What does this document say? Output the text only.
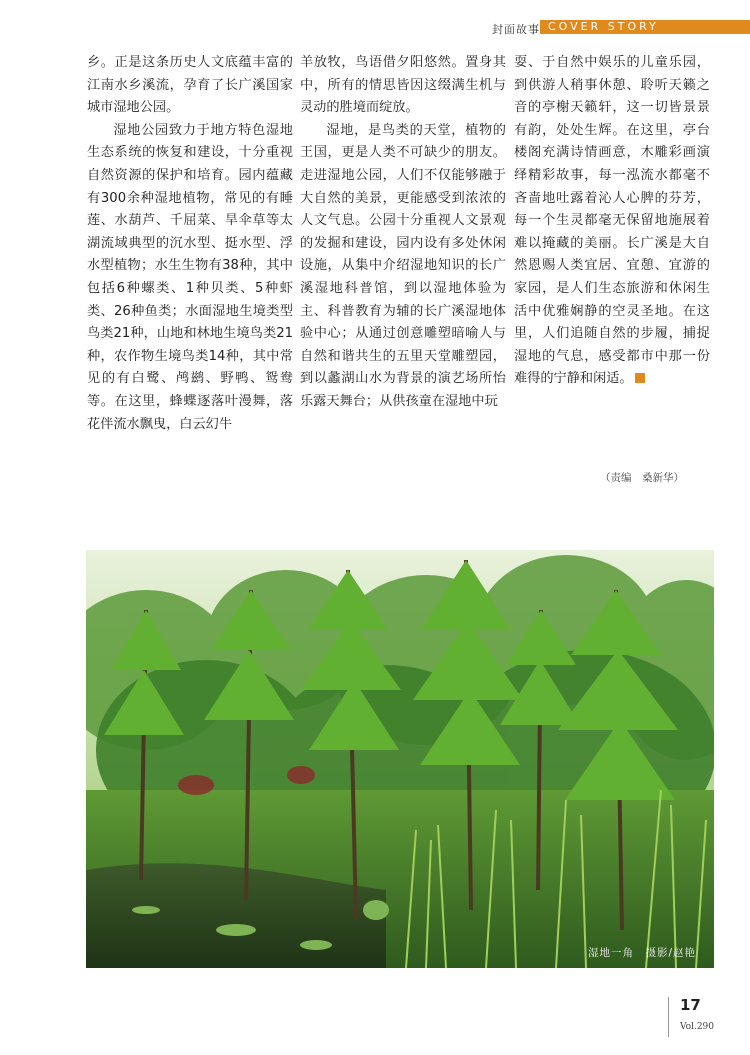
封面故事 COVER STORY

乡。正是这条历史人文底蕴丰富的江南水乡溪流，孕育了长广溪国家城市湿地公园。

湿地公园致力于地方特色湿地生态系统的恢复和建设，十分重视自然资源的保护和培育。园内蕴藏有300余种湿地植物，常见的有睡莲、水葫芦、千屈菜、旱伞草等太湖流域典型的沉水型、挺水型、浮水型植物；水生生物有38种，其中包括6种螺类、1种贝类、5种虾类、26种鱼类；水面湿地生境类型鸟类21种，山地和林地生境鸟类21种，农作物生境鸟类14种，其中常见的有白鹭、鸬鹚、野鸭、鸳鸯等。在这里，蜂蝶逐落叶漫舞，落花伴流水飘曳，白云幻牛

羊放牧，鸟语借夕阳悠然。置身其中，所有的情思皆因这缀满生机与灵动的胜境而绽放。

湿地，是鸟类的天堂，植物的王国，更是人类不可缺少的朋友。走进湿地公园，人们不仅能够融于大自然的美景，更能感受到浓浓的人文气息。公园十分重视人文景观的发掘和建设，园内设有多处休闲设施，从集中介绍湿地知识的长广溪湿地科普馆，到以湿地体验为主、科普教育为辅的长广溪湿地体验中心；从通过创意雕塑暗喻人与自然和谐共生的五里天堂雕塑园，到以蠡湖山水为背景的演艺场所怡乐露天舞台；从供孩童在湿地中玩

耍、于自然中娱乐的儿童乐园，到供游人稍事休憩、聆听天籁之音的亭榭天籁轩，这一切皆景景有韵，处处生辉。在这里，亭台楼阁充满诗情画意，木雕彩画演绎精彩故事，每一泓流水都毫不吝啬地吐露着沁人心脾的芬芳，每一个生灵都毫无保留地施展着难以掩藏的美丽。长广溪是大自然恩赐人类宜居、宜憩、宜游的家园，是人们生态旅游和休闲生活中优雅娴静的空灵圣地。在这里，人们追随自然的步履，捕捉湿地的气息，感受都市中那一份难得的宁静和闲适。

（责编　桑新华）
湿地一角　摄影/赵艳
17
Vol.290
